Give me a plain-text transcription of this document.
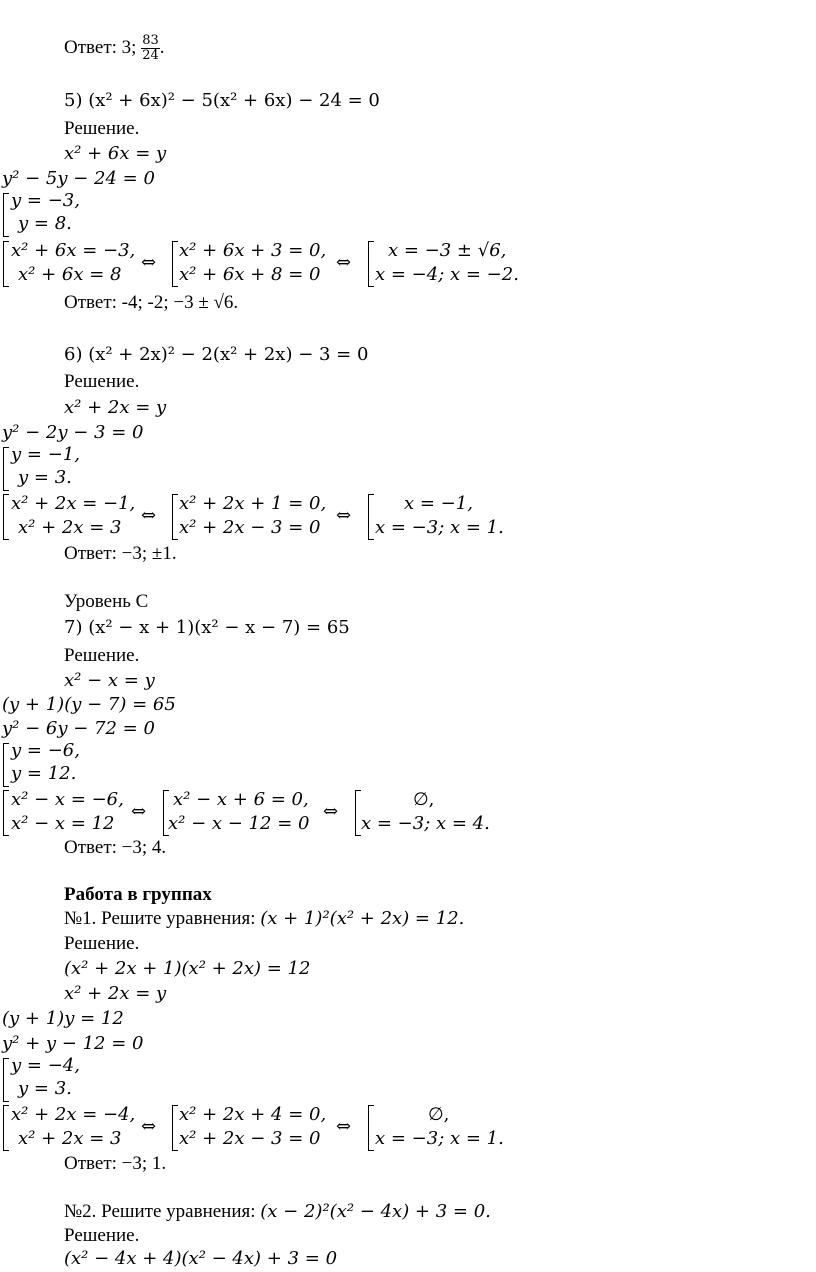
Ответ: 3; $\frac{83}{24}$ .
5) (x² + 6x)² − 5(x² + 6x) − 24 = 0
Решение.
x² + 6x = y
y² − 5y − 24 = 0
y = −3,
y = 8.
x² + 6x = −3,
x² + 6x = 8
⇔
x² + 6x + 3 = 0,
x² + 6x + 8 = 0
⇔
x = −3 ± √6,
x = −4; x = −2.
Ответ: -4; -2; −3 ± √6.
6) (x² + 2x)² − 2(x² + 2x) − 3 = 0
Решение.
x² + 2x = y
y² − 2y − 3 = 0
y = −1,
y = 3.
x² + 2x = −1,
x² + 2x = 3
⇔
x² + 2x + 1 = 0,
x² + 2x − 3 = 0
⇔
x = −1,
x = −3; x = 1.
Ответ: −3; ±1.
Уровень С
7) (x² − x + 1)(x² − x − 7) = 65
Решение.
x² − x = y
(y + 1)(y − 7) = 65
y² − 6y − 72 = 0
y = −6,
y = 12.
x² − x = −6,
x² − x = 12
⇔
x² − x + 6 = 0,
x² − x − 12 = 0
⇔
∅,
x = −3; x = 4.
Ответ: −3; 4.
Работа в группах
№1. Решите уравнения: (x + 1)²(x² + 2x) = 12.
Решение.
(x² + 2x + 1)(x² + 2x) = 12
x² + 2x = y
(y + 1)y = 12
y² + y − 12 = 0
y = −4,
y = 3.
x² + 2x = −4,
x² + 2x = 3
⇔
x² + 2x + 4 = 0,
x² + 2x − 3 = 0
⇔
∅,
x = −3; x = 1.
Ответ: −3; 1.
№2. Решите уравнения: (x − 2)²(x² − 4x) + 3 = 0.
Решение.
(x² − 4x + 4)(x² − 4x) + 3 = 0
